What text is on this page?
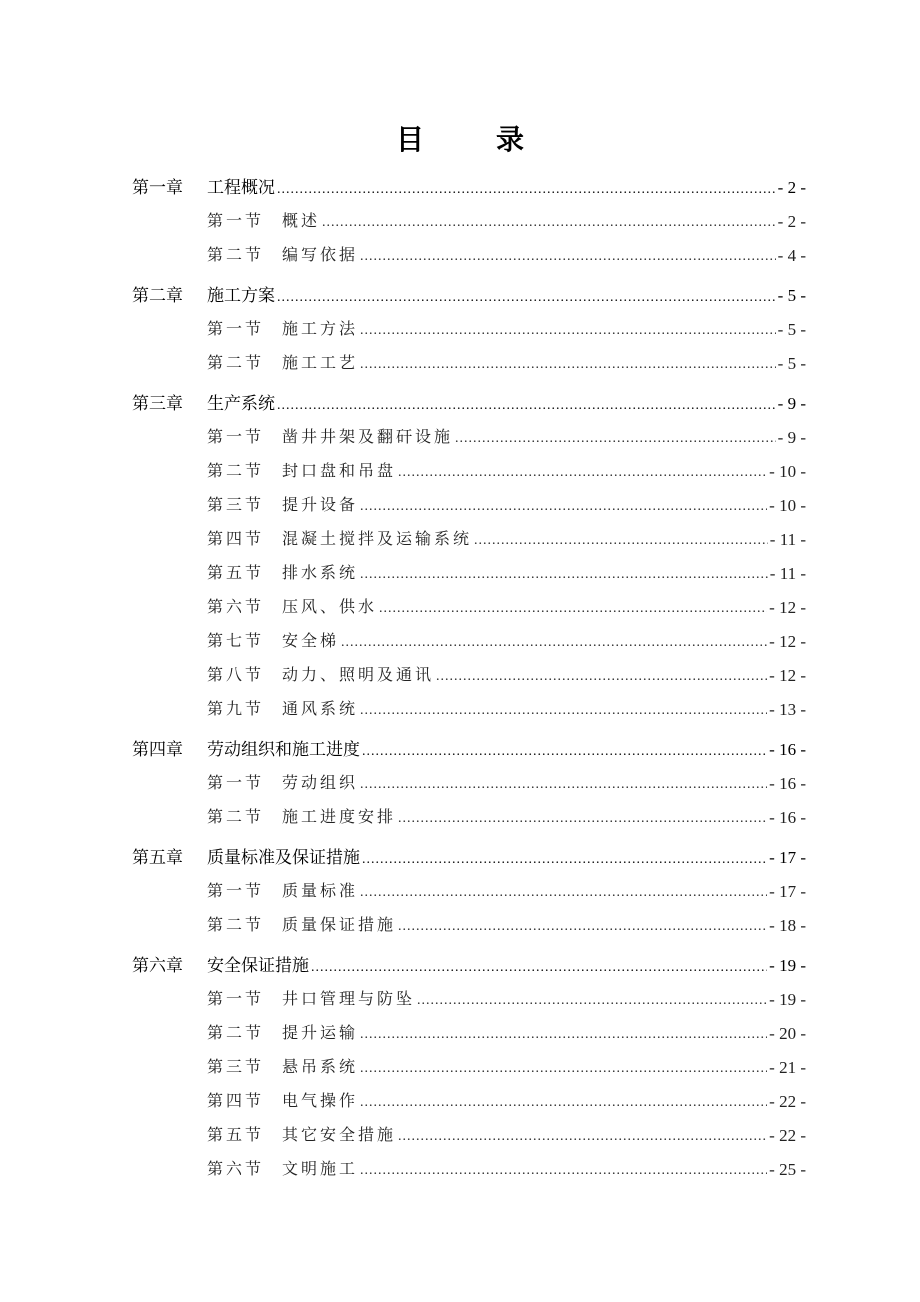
目　录
第一章	工程概况 .....	- 2 -
第一节	概述 .....	- 2 -
第二节	编写依据 .....	- 4 -
第二章	施工方案 .....	- 5 -
第一节	施工方法 .....	- 5 -
第二节	施工工艺 .....	- 5 -
第三章	生产系统 .....	- 9 -
第一节	凿井井架及翻矸设施 .....	- 9 -
第二节	封口盘和吊盘 .....	- 10 -
第三节	提升设备 .....	- 10 -
第四节	混凝土搅拌及运输系统 .....	- 11 -
第五节	排水系统 .....	- 11 -
第六节	压风、供水 .....	- 12 -
第七节	安全梯 .....	- 12 -
第八节	动力、照明及通讯 .....	- 12 -
第九节	通风系统 .....	- 13 -
第四章	劳动组织和施工进度 .....	- 16 -
第一节	劳动组织 .....	- 16 -
第二节	施工进度安排 .....	- 16 -
第五章	质量标准及保证措施 .....	- 17 -
第一节	质量标准 .....	- 17 -
第二节	质量保证措施 .....	- 18 -
第六章	安全保证措施 .....	- 19 -
第一节	井口管理与防坠 .....	- 19 -
第二节	提升运输 .....	- 20 -
第三节	悬吊系统 .....	- 21 -
第四节	电气操作 .....	- 22 -
第五节	其它安全措施 .....	- 22 -
第六节	文明施工 .....	- 25 -
